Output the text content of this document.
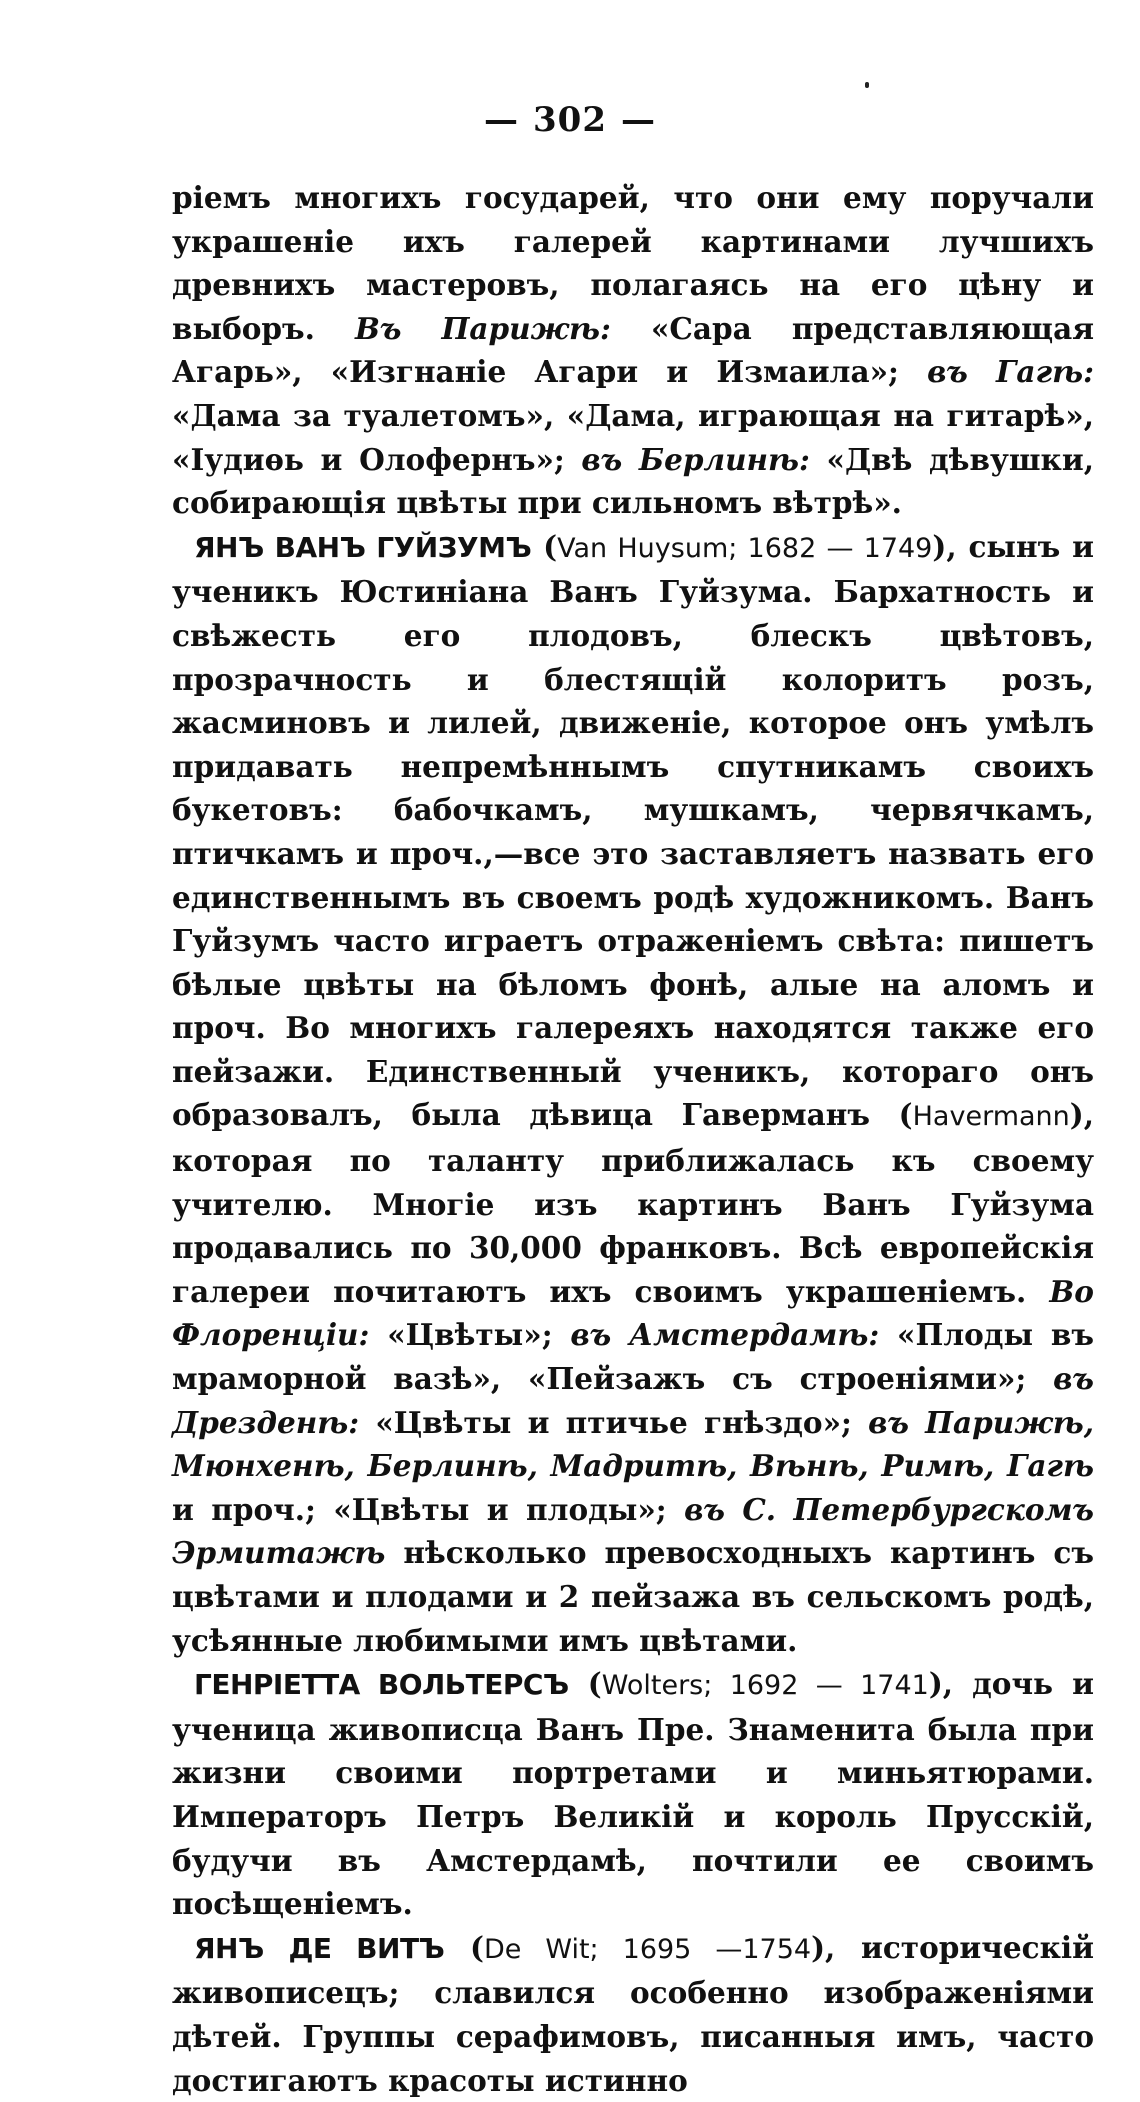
— 302 —

ріемъ многихъ государей, что они ему поручали украшеніе ихъ галерей картинами лучшихъ древнихъ мастеровъ, полагаясь на его цѣну и выборъ. Въ Парижѣ: «Сара представляющая Агарь», «Изгнаніе Агари и Измаила»; въ Гагѣ: «Дама за туалетомъ», «Дама, играющая на гитарѣ», «Іудиѳь и Олофернъ»; въ Берлинѣ: «Двѣ дѣвушки, собирающія цвѣты при сильномъ вѣтрѣ».

ЯНЪ ВАНЪ ГУЙЗУМЪ (Van Huysum; 1682 — 1749), сынъ и ученикъ Юстиніана Ванъ Гуйзума. Бархатность и свѣжесть его плодовъ, блескъ цвѣтовъ, прозрачность и блестящій колоритъ розъ, жасминовъ и лилей, движеніе, которое онъ умѣлъ придавать непремѣннымъ спутникамъ своихъ букетовъ: бабочкамъ, мушкамъ, червячкамъ, птичкамъ и проч.,—все это заставляетъ назвать его единственнымъ въ своемъ родѣ художникомъ. Ванъ Гуйзумъ часто играетъ отраженіемъ свѣта: пишетъ бѣлые цвѣты на бѣломъ фонѣ, алые на аломъ и проч. Во многихъ галереяхъ находятся также его пейзажи. Единственный ученикъ, котораго онъ образовалъ, была дѣвица Гаверманъ (Havermann), которая по таланту приближалась къ своему учителю. Многіе изъ картинъ Ванъ Гуйзума продавались по 30,000 франковъ. Всѣ европейскія галереи почитаютъ ихъ своимъ украшеніемъ. Во Флоренціи: «Цвѣты»; въ Амстердамѣ: «Плоды въ мраморной вазѣ», «Пейзажъ съ строеніями»; въ Дрезденѣ: «Цвѣты и птичье гнѣздо»; въ Парижѣ, Мюнхенѣ, Берлинѣ, Мадритѣ, Вѣнѣ, Римѣ, Гагѣ и проч.; «Цвѣты и плоды»; въ С. Петербургскомъ Эрмитажѣ нѣсколько превосходныхъ картинъ съ цвѣтами и плодами и 2 пейзажа въ сельскомъ родѣ, усѣянные любимыми имъ цвѣтами.

ГЕНРІЕТТА ВОЛЬТЕРСЪ (Wolters; 1692 — 1741), дочь и ученица живописца Ванъ Пре. Знаменита была при жизни своими портретами и миньятюрами. Императоръ Петръ Великій и король Прусскій, будучи въ Амстердамѣ, почтили ее своимъ посѣщеніемъ.

ЯНЪ ДЕ ВИТЪ (De Wit; 1695 —1754), историческій живописецъ; славился особенно изображеніями дѣтей. Группы серафимовъ, писанныя имъ, часто достигаютъ красоты истинно
